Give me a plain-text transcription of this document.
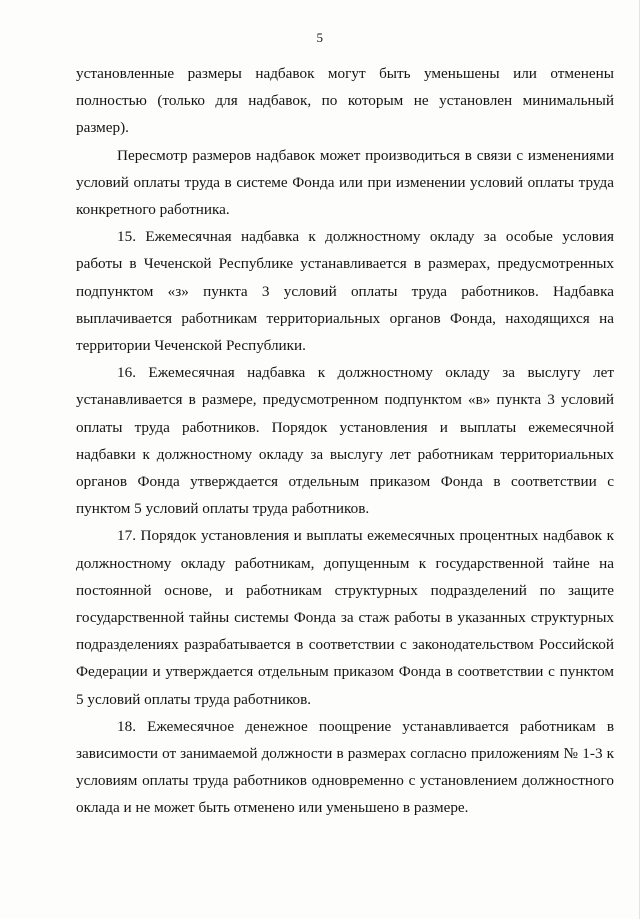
5

установленные размеры надбавок могут быть уменьшены или отменены полностью (только для надбавок, по которым не установлен минимальный размер).

Пересмотр размеров надбавок может производиться в связи с изменениями условий оплаты труда в системе Фонда или при изменении условий оплаты труда конкретного работника.

15. Ежемесячная надбавка к должностному окладу за особые условия работы в Чеченской Республике устанавливается в размерах, предусмотренных подпунктом «з» пункта 3 условий оплаты труда работников. Надбавка выплачивается работникам территориальных органов Фонда, находящихся на территории Чеченской Республики.

16. Ежемесячная надбавка к должностному окладу за выслугу лет устанавливается в размере, предусмотренном подпунктом «в» пункта 3 условий оплаты труда работников. Порядок установления и выплаты ежемесячной надбавки к должностному окладу за выслугу лет работникам территориальных органов Фонда утверждается отдельным приказом Фонда в соответствии с пунктом 5 условий оплаты труда работников.

17. Порядок установления и выплаты ежемесячных процентных надбавок к должностному окладу работникам, допущенным к государственной тайне на постоянной основе, и работникам структурных подразделений по защите государственной тайны системы Фонда за стаж работы в указанных структурных подразделениях разрабатывается в соответствии с законодательством Российской Федерации и утверждается отдельным приказом Фонда в соответствии с пунктом 5 условий оплаты труда работников.

18. Ежемесячное денежное поощрение устанавливается работникам в зависимости от занимаемой должности в размерах согласно приложениям № 1-3 к условиям оплаты труда работников одновременно с установлением должностного оклада и не может быть отменено или уменьшено в размере.
